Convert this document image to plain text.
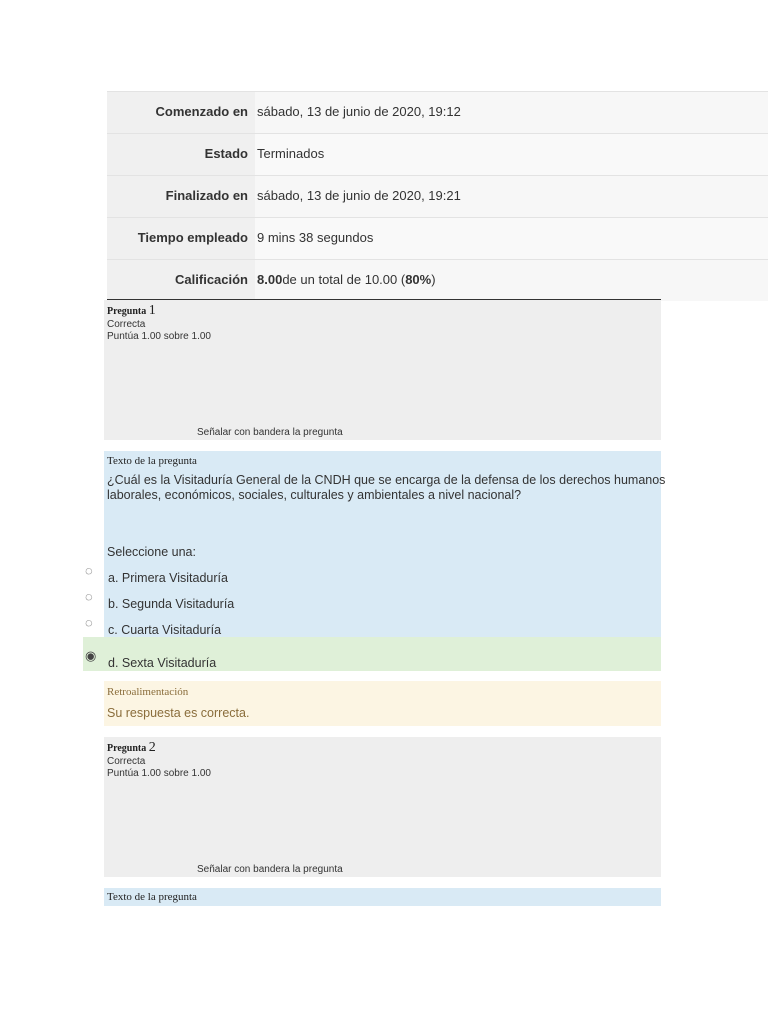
Comenzado en sábado, 13 de junio de 2020, 19:12
Estado Terminados
Finalizado en sábado, 13 de junio de 2020, 19:21
Tiempo empleado 9 mins 38 segundos
Calificación 8.00de un total de 10.00 (80%)
Pregunta 1
Correcta
Puntúa 1.00 sobre 1.00
Señalar con bandera la pregunta
Texto de la pregunta
¿Cuál es la Visitaduría General de la CNDH que se encarga de la defensa de los derechos humanos laborales, económicos, sociales, culturales y ambientales a nivel nacional?
Seleccione una:
◌	a. Primera Visitaduría
◌	b. Segunda Visitaduría
◌	c. Cuarta Visitaduría
◉ d. Sexta Visitaduría
Retroalimentación
Su respuesta es correcta.
Pregunta 2
Correcta
Puntúa 1.00 sobre 1.00
Señalar con bandera la pregunta
Texto de la pregunta
